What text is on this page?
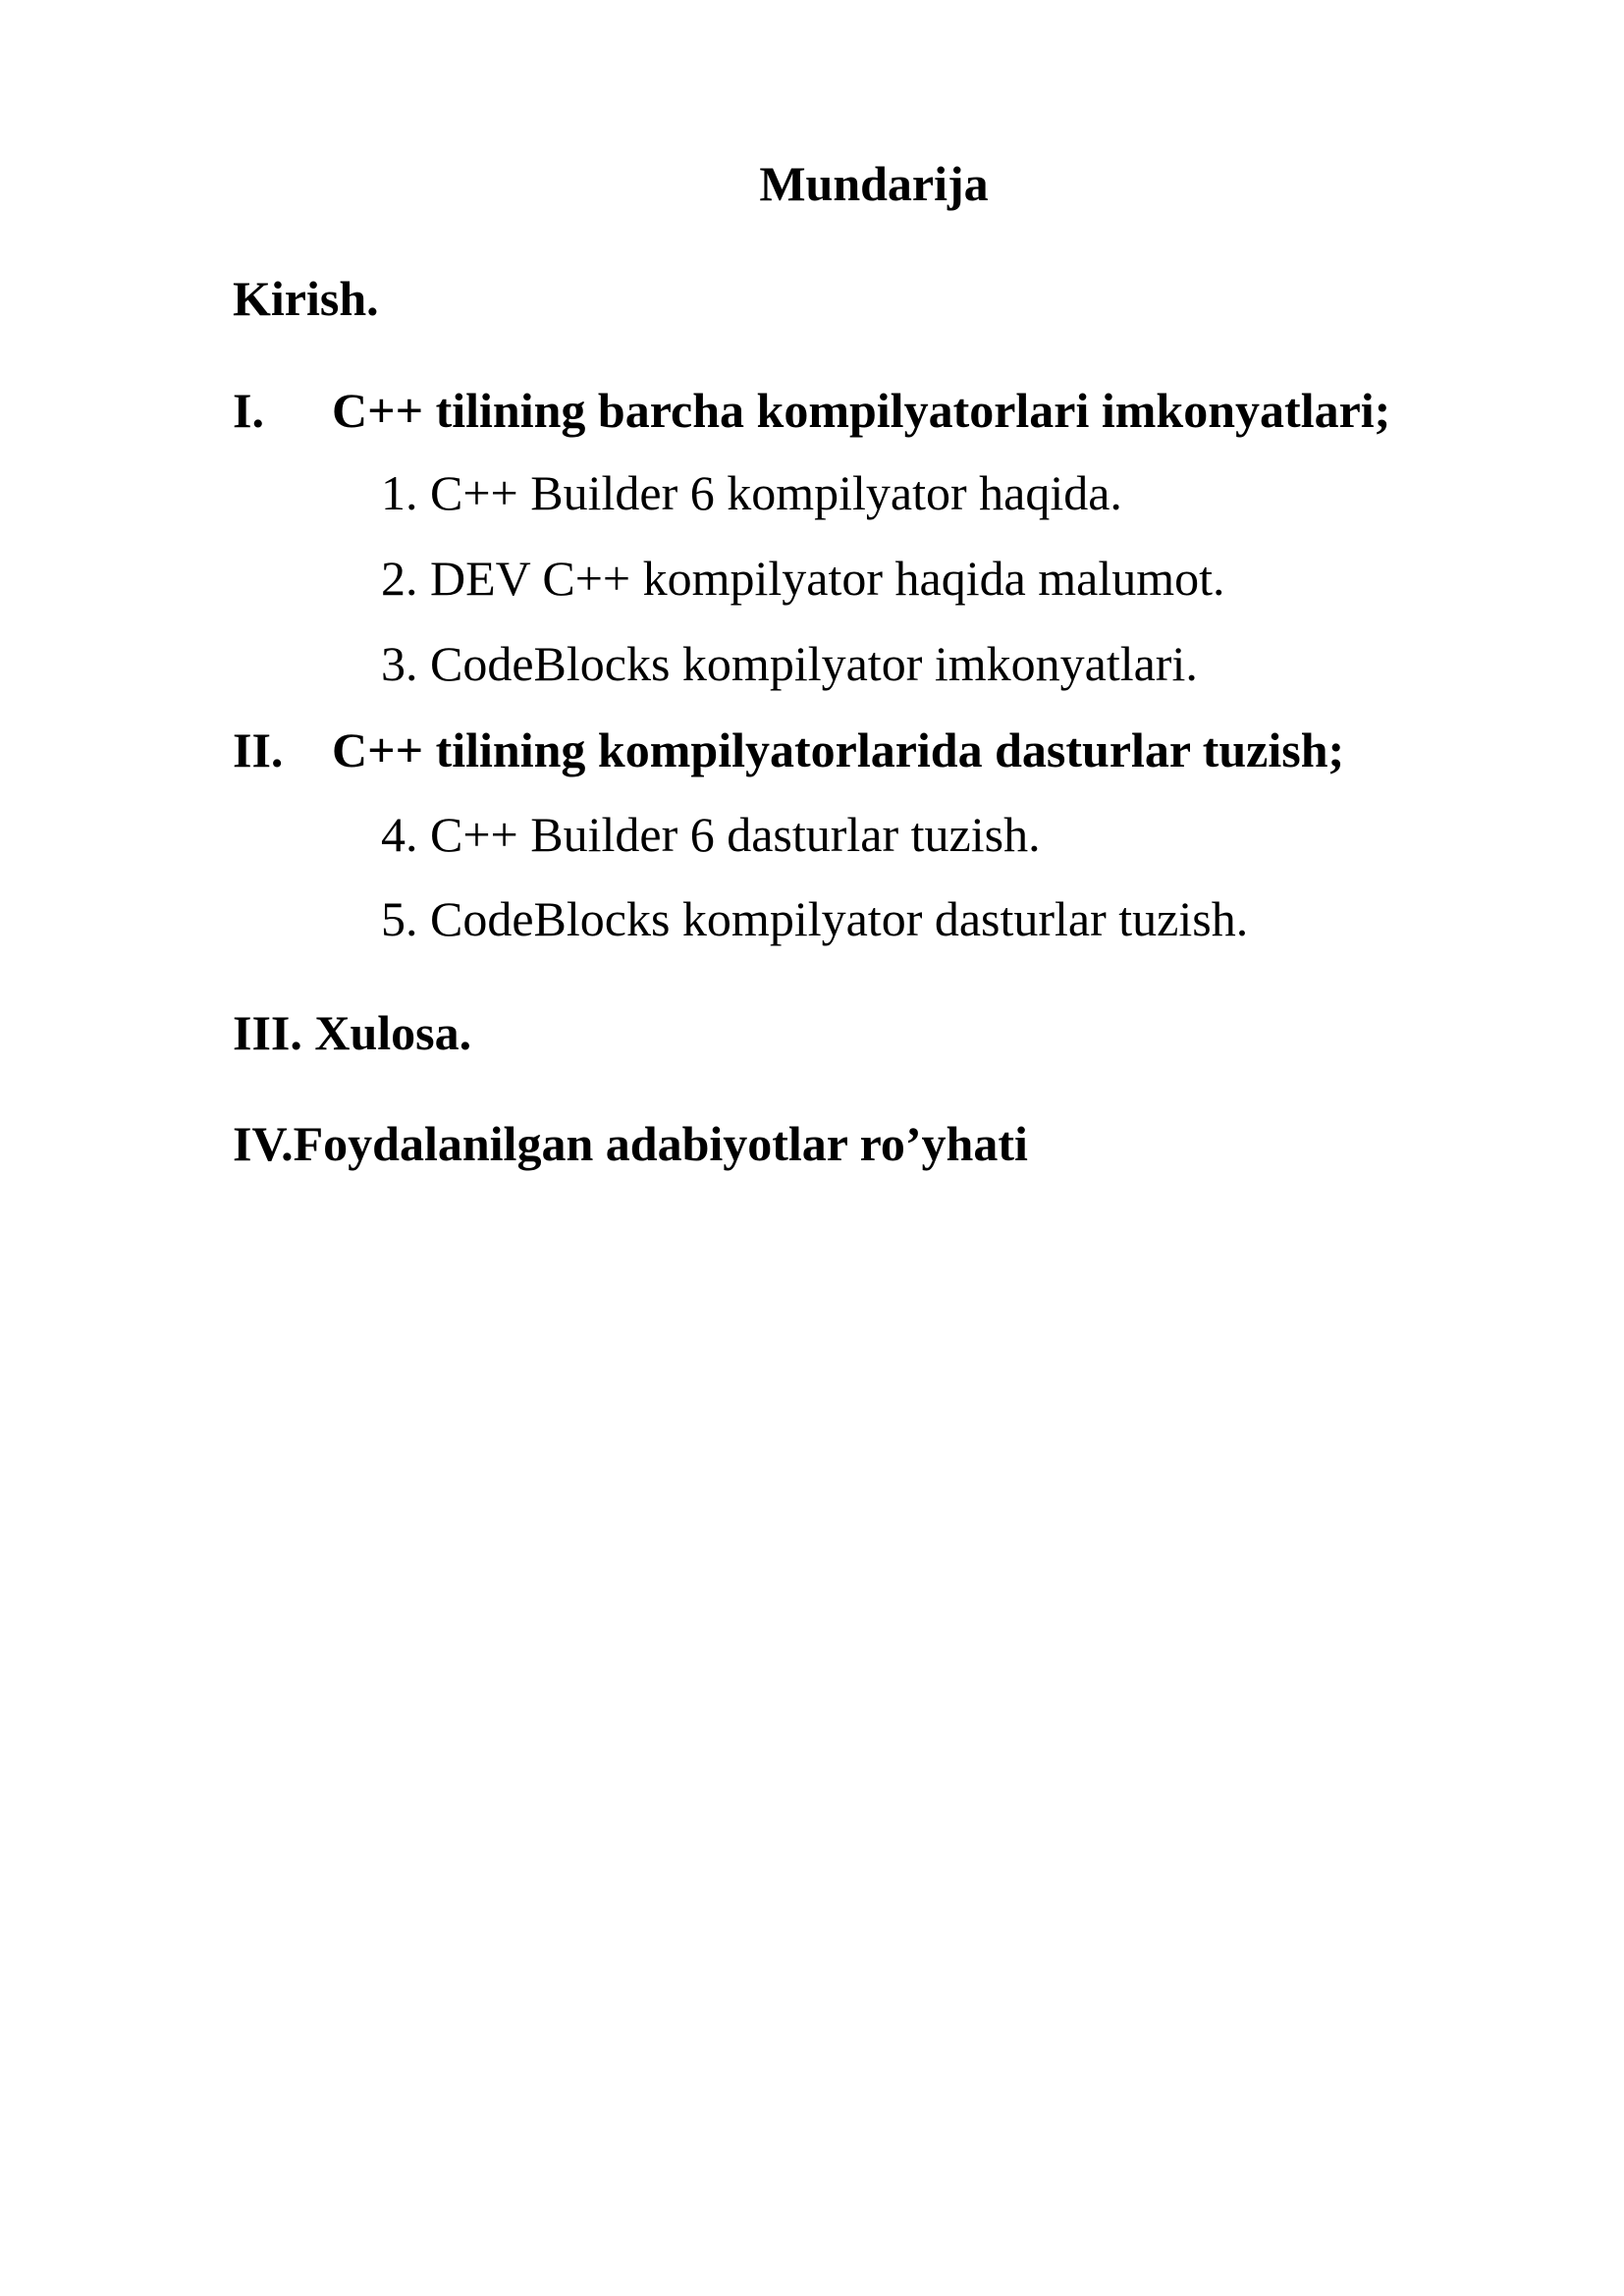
Mundarija
Kirish.
I. C++ tilining barcha kompilyatorlari imkonyatlari;
1. C++ Builder 6 kompilyator haqida.
2. DEV C++ kompilyator haqida malumot.
3. CodeBlocks kompilyator imkonyatlari.
II. C++ tilining kompilyatorlarida dasturlar tuzish;
4. C++ Builder 6 dasturlar tuzish.
5. CodeBlocks kompilyator dasturlar tuzish.
III. Xulosa.
IV.Foydalanilgan adabiyotlar ro’yhati
